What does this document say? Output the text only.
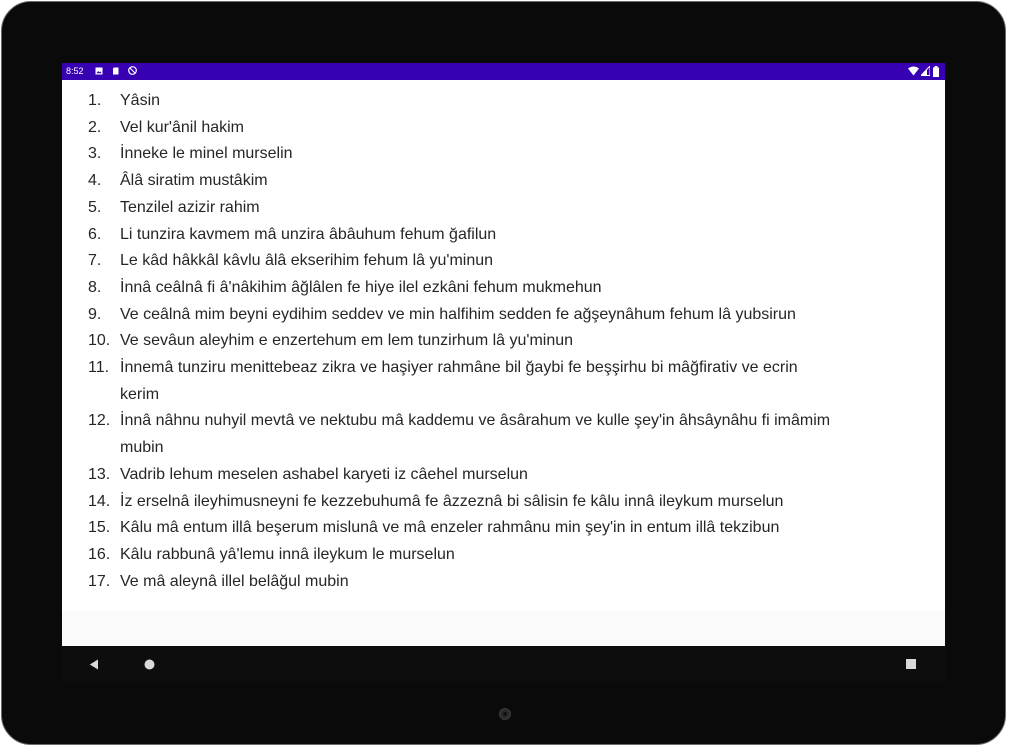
8:52
1. Yâsin
2. Vel kur'ânil hakim
3. İnneke le minel murselin
4. Âlâ siratim mustâkim
5. Tenzilel azizir rahim
6. Li tunzira kavmem mâ unzira âbâuhum fehum ğafilun
7. Le kâd hâkkâl kâvlu âlâ ekserihim fehum lâ yu'minun
8. İnnâ ceâlnâ fi â'nâkihim âğlâlen fe hiye ilel ezkâni fehum mukmehun
9. Ve ceâlnâ mim beyni eydihim seddev ve min halfihim sedden fe ağşeynâhum fehum lâ yubsirun
10. Ve sevâun aleyhim e enzertehum em lem tunzirhum lâ yu'minun
11. İnnemâ tunziru menittebeaz zikra ve haşiyer rahmâne bil ğaybi fe beşşirhu bi mâğfirativ ve ecrin kerim
12. İnnâ nâhnu nuhyil mevtâ ve nektubu mâ kaddemu ve âsârahum ve kulle şey'in âhsâynâhu fi imâmim mubin
13. Vadrib lehum meselen ashabel karyeti iz câehel murselun
14. İz erselnâ ileyhimusneyni fe kezzebuhumâ fe âzzeznâ bi sâlisin fe kâlu innâ ileykum murselun
15. Kâlu mâ entum illâ beşerum mislunâ ve mâ enzeler rahmânu min şey'in in entum illâ tekzibun
16. Kâlu rabbunâ yâ'lemu innâ ileykum le murselun
17. Ve mâ aleynâ illel belâğul mubin
